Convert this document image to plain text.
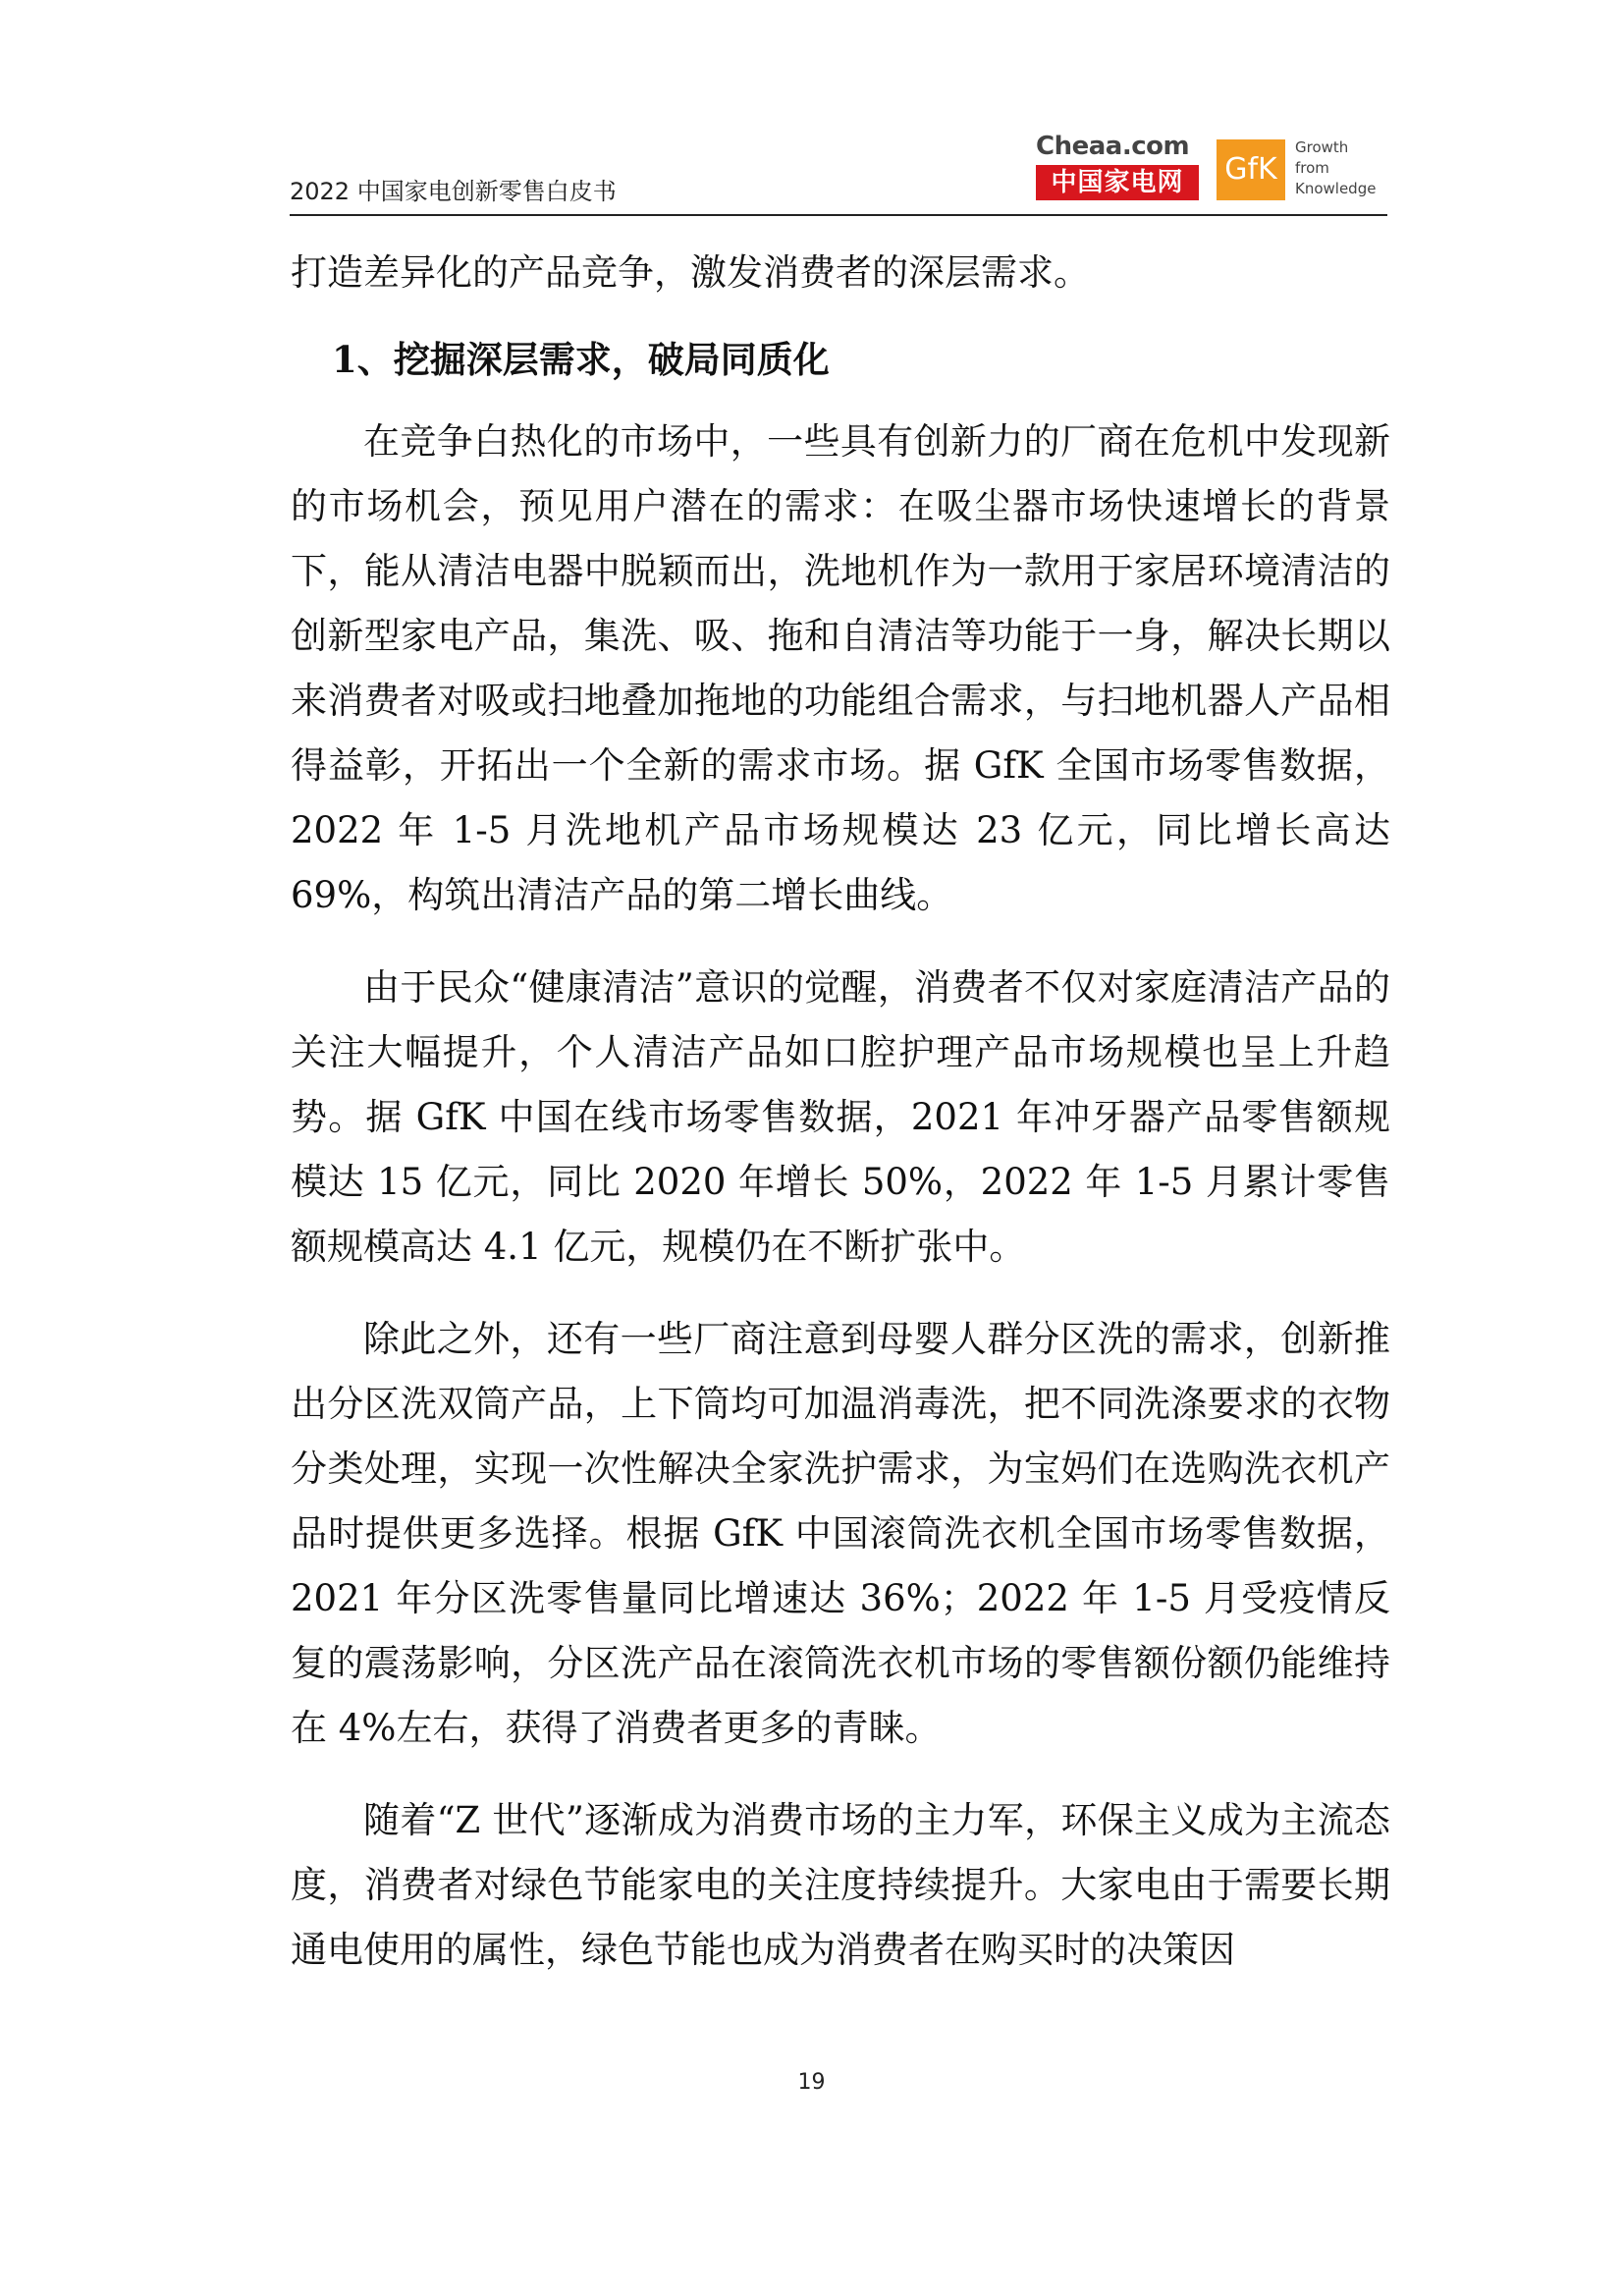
2022 中国家电创新零售白皮书
Cheaa.com
中国家电网	GfK
Growth
from
Knowledge

打造差异化的产品竞争，激发消费者的深层需求。

1、挖掘深层需求，破局同质化

在竞争白热化的市场中，一些具有创新力的厂商在危机中发现新的市场机会，预见用户潜在的需求：在吸尘器市场快速增长的背景下，能从清洁电器中脱颖而出，洗地机作为一款用于家居环境清洁的创新型家电产品，集洗、吸、拖和自清洁等功能于一身，解决长期以来消费者对吸或扫地叠加拖地的功能组合需求，与扫地机器人产品相得益彰，开拓出一个全新的需求市场。据 GfK 全国市场零售数据，2022 年 1-5 月洗地机产品市场规模达 23 亿元，同比增长高达 69%，构筑出清洁产品的第二增长曲线。

由于民众“健康清洁”意识的觉醒，消费者不仅对家庭清洁产品的关注大幅提升，个人清洁产品如口腔护理产品市场规模也呈上升趋势。据 GfK 中国在线市场零售数据，2021 年冲牙器产品零售额规模达 15 亿元，同比 2020 年增长 50%，2022 年 1-5 月累计零售额规模高达 4.1 亿元，规模仍在不断扩张中。

除此之外，还有一些厂商注意到母婴人群分区洗的需求，创新推出分区洗双筒产品，上下筒均可加温消毒洗，把不同洗涤要求的衣物分类处理，实现一次性解决全家洗护需求，为宝妈们在选购洗衣机产品时提供更多选择。根据 GfK 中国滚筒洗衣机全国市场零售数据，2021 年分区洗零售量同比增速达 36%；2022 年 1-5 月受疫情反复的震荡影响，分区洗产品在滚筒洗衣机市场的零售额份额仍能维持在 4%左右，获得了消费者更多的青睐。

随着“Z 世代”逐渐成为消费市场的主力军，环保主义成为主流态度，消费者对绿色节能家电的关注度持续提升。大家电由于需要长期通电使用的属性，绿色节能也成为消费者在购买时的决策因

19
